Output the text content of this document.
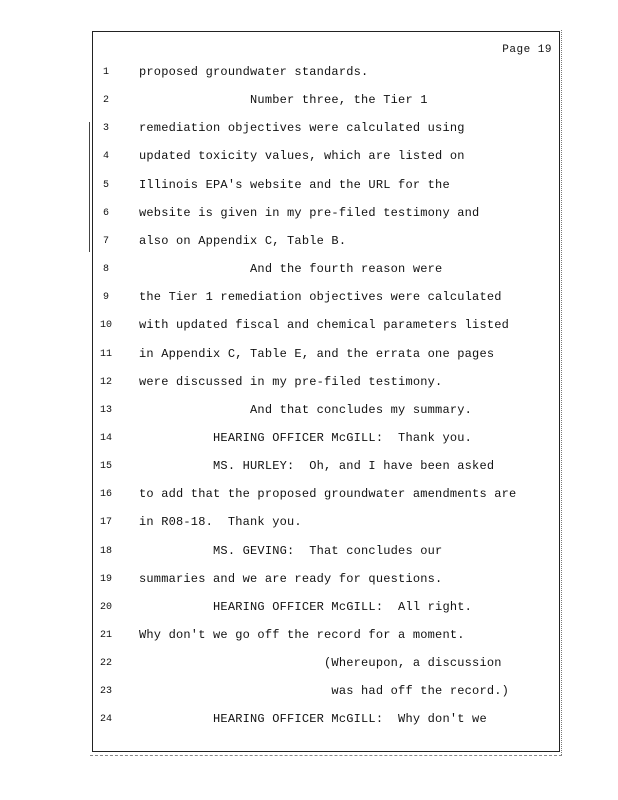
Page 19
1	proposed groundwater standards.
2	Number three, the Tier 1
3	remediation objectives were calculated using
4	updated toxicity values, which are listed on
5	Illinois EPA's website and the URL for the
6	website is given in my pre-filed testimony and
7	also on Appendix C, Table B.
8	And the fourth reason were
9	the Tier 1 remediation objectives were calculated
10	with updated fiscal and chemical parameters listed
11	in Appendix C, Table E, and the errata one pages
12	were discussed in my pre-filed testimony.
13	And that concludes my summary.
14	HEARING OFFICER McGILL:  Thank you.
15	MS. HURLEY:  Oh, and I have been asked
16	to add that the proposed groundwater amendments are
17	in R08-18.  Thank you.
18	MS. GEVING:  That concludes our
19	summaries and we are ready for questions.
20	HEARING OFFICER McGILL:  All right.
21	Why don't we go off the record for a moment.
22	(Whereupon, a discussion
23	was had off the record.)
24	HEARING OFFICER McGILL:  Why don't we
